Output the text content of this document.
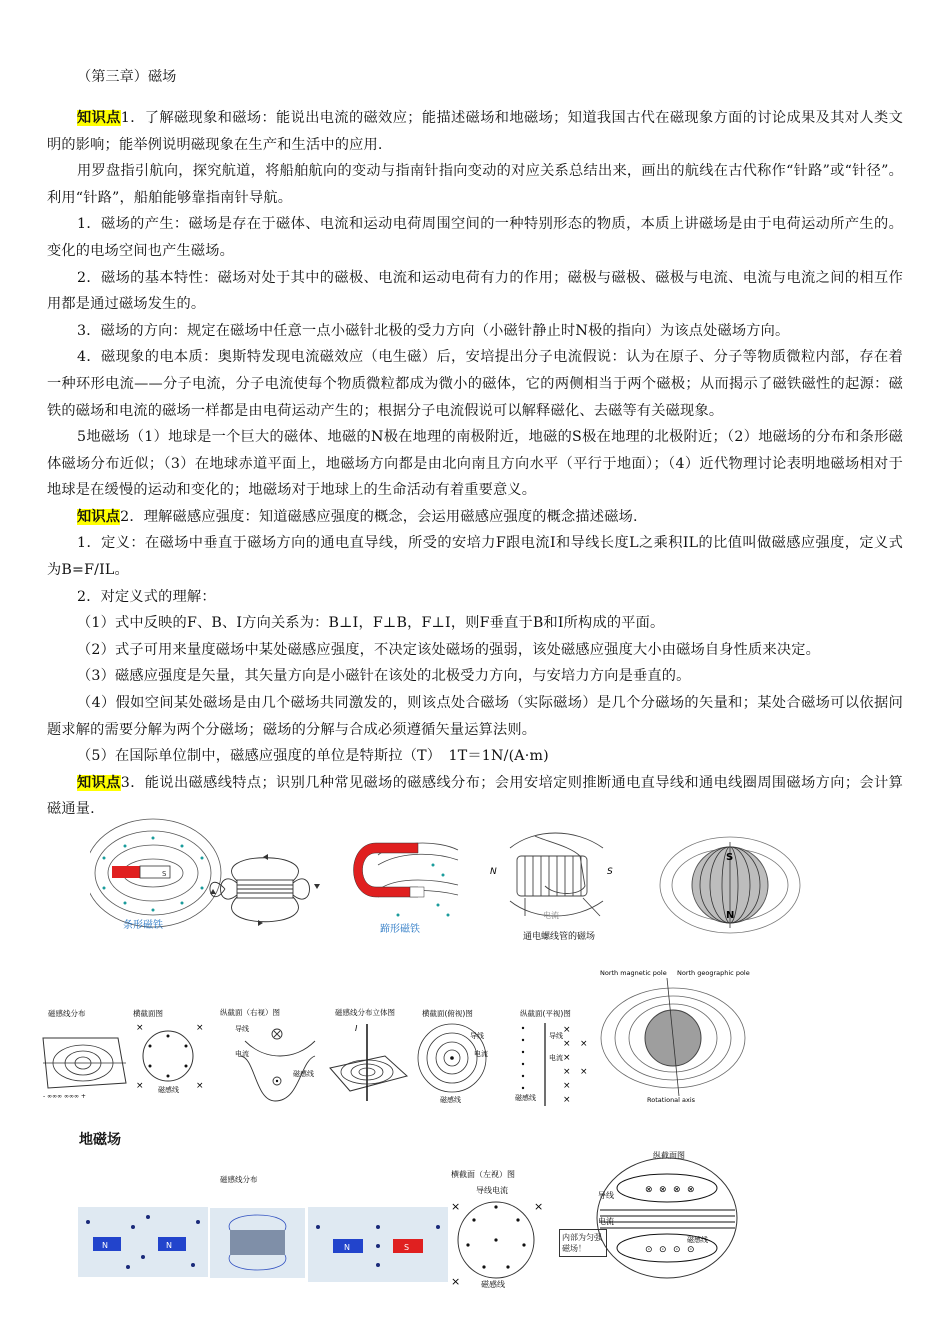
（第三章）磁场

知识点1．了解磁现象和磁场：能说出电流的磁效应；能描述磁场和地磁场；知道我国古代在磁现象方面的讨论成果及其对人类文明的影响；能举例说明磁现象在生产和生活中的应用.

用罗盘指引航向，探究航道，将船舶航向的变动与指南针指向变动的对应关系总结出来，画出的航线在古代称作“针路”或“针径”。利用“针路”，船舶能够靠指南针导航。

1．磁场的产生：磁场是存在于磁体、电流和运动电荷周围空间的一种特别形态的物质，本质上讲磁场是由于电荷运动所产生的。变化的电场空间也产生磁场。

2．磁场的基本特性：磁场对处于其中的磁极、电流和运动电荷有力的作用；磁极与磁极、磁极与电流、电流与电流之间的相互作用都是通过磁场发生的。

3．磁场的方向：规定在磁场中任意一点小磁针北极的受力方向（小磁针静止时N极的指向）为该点处磁场方向。

4．磁现象的电本质：奥斯特发现电流磁效应（电生磁）后，安培提出分子电流假说：认为在原子、分子等物质微粒内部，存在着一种环形电流——分子电流，分子电流使每个物质微粒都成为微小的磁体，它的两侧相当于两个磁极；从而揭示了磁铁磁性的起源：磁铁的磁场和电流的磁场一样都是由电荷运动产生的；根据分子电流假说可以解释磁化、去磁等有关磁现象。

5地磁场（1）地球是一个巨大的磁体、地磁的N极在地理的南极附近，地磁的S极在地理的北极附近；（2）地磁场的分布和条形磁体磁场分布近似；（3）在地球赤道平面上，地磁场方向都是由北向南且方向水平（平行于地面）；（4）近代物理讨论表明地磁场相对于地球是在缓慢的运动和变化的；地磁场对于地球上的生命活动有着重要意义。

知识点2．理解磁感应强度：知道磁感应强度的概念，会运用磁感应强度的概念描述磁场.

1．定义：在磁场中垂直于磁场方向的通电直导线，所受的安培力F跟电流I和导线长度L之乘积IL的比值叫做磁感应强度，定义式为B=F/IL。

2．对定义式的理解：

（1）式中反映的F、B、I方向关系为：B⊥I，F⊥B，F⊥I，则F垂直于B和I所构成的平面。

（2）式子可用来量度磁场中某处磁感应强度，不决定该处磁场的强弱，该处磁感应强度大小由磁场自身性质来决定。

（3）磁感应强度是矢量，其矢量方向是小磁针在该处的北极受力方向，与安培力方向是垂直的。

（4）假如空间某处磁场是由几个磁场共同激发的，则该点处合磁场（实际磁场）是几个分磁场的矢量和；某处合磁场可以依据问题求解的需要分解为两个分磁场；磁场的分解与合成必须遵循矢量运算法则。

（5）在国际单位制中，磁感应强度的单位是特斯拉（T）　1T＝1N/(A·m)

知识点3．能说出磁感线特点；识别几种常见磁场的磁感线分布；会用安培定则推断通电直导线和通电线圈周围磁场方向；会计算磁通量.

S
条形磁铁	蹄形磁铁
N	S
电流
通电螺线管的磁场
S
N
磁感线分布
- ∞∞∞ ∞∞∞ +
横截面图
×	×
×	×
磁感线
纵截面（右视）图
导线
电流
磁感线
磁感线分布立体图
I
横截面(俯视)图
导线
电流
磁感线
纵截面(平视)图
×
×
×
×
×
×
×
×
导线
电流
磁感线
North magnetic pole North geographic pole
Rotational axis
地磁场
N	N
磁感线分布
N	S
横截面（左视）图
导线电流
×	×
×	磁感线
内部为匀强磁场！
纵截面图
⊗ ⊗ ⊗ ⊗
⊙ ⊙ ⊙ ⊙
导线
电流
磁感线
